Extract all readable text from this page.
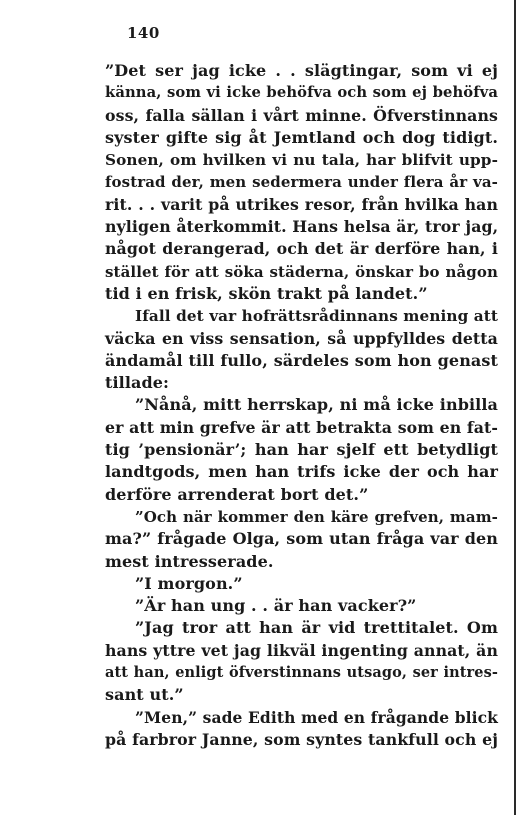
140
”Det ser jag icke . . slägtingar, som vi ej
känna, som vi icke behöfva och som ej behöfva
oss, falla sällan i vårt minne. Öfverstinnans
syster gifte sig åt Jemtland och dog tidigt.
Sonen, om hvilken vi nu tala, har blifvit upp-
fostrad der, men sedermera under flera år va-
rit. . . varit på utrikes resor, från hvilka han
nyligen återkommit. Hans helsa är, tror jag,
något derangerad, och det är derföre han, i
stället för att söka städerna, önskar bo någon
tid i en frisk, skön trakt på landet.”
Ifall det var hofrättsrådinnans mening att
väcka en viss sensation, så uppfylldes detta
ändamål till fullo, särdeles som hon genast
tillade:
”Nånå, mitt herrskap, ni må icke inbilla
er att min grefve är att betrakta som en fat-
tig ’pensionär’; han har sjelf ett betydligt
landtgods, men han trifs icke der och har
derföre arrenderat bort det.”
”Och när kommer den käre grefven, mam-
ma?” frågade Olga, som utan fråga var den
mest intresserade.
”I morgon.”
”Är han ung . . är han vacker?”
”Jag tror att han är vid trettitalet. Om
hans yttre vet jag likväl ingenting annat, än
att han, enligt öfverstinnans utsago, ser intres-
sant ut.”
”Men,” sade Edith med en frågande blick
på farbror Janne, som syntes tankfull och ej
